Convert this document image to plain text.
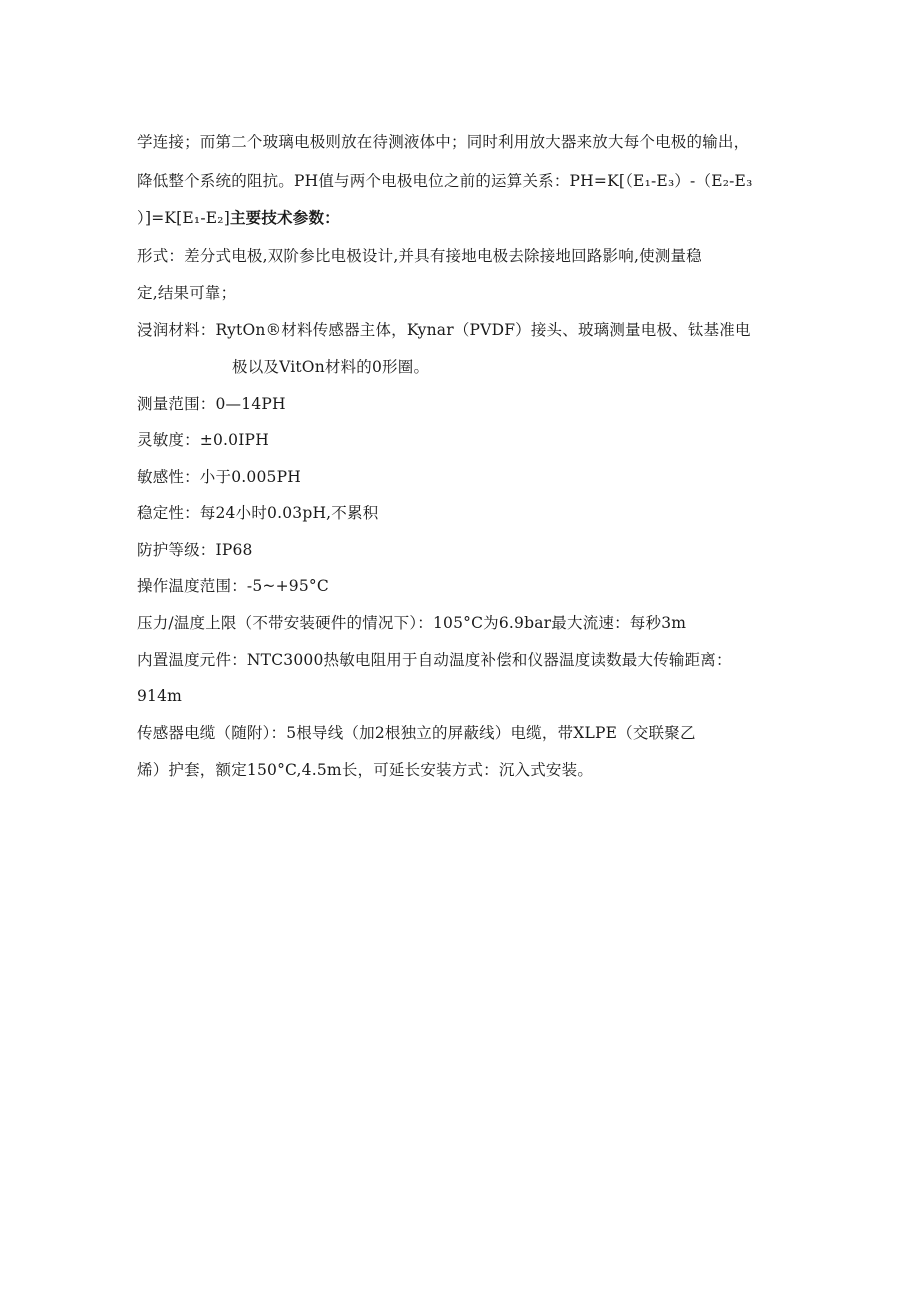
学连接；而第二个玻璃电极则放在待测液体中；同时利用放大器来放大每个电极的输出，

降低整个系统的阻抗。PH值与两个电极电位之前的运算关系：PH=K[（E₁-E₃）-（E₂-E₃

）]=K[E₁-E₂]主要技术参数：

形式：差分式电极,双阶参比电极设计,并具有接地电极去除接地回路影响,使测量稳

定,结果可靠；

浸润材料：RytOn®材料传感器主体，Kynar（PVDF）接头、玻璃测量电极、钛基准电

极以及VitOn材料的0形圈。

测量范围：0—14PH

灵敏度：±0.0IPH

敏感性：小于0.005PH

稳定性：每24小时0.03pH,不累积

防护等级：IP68

操作温度范围：-5~+95°C

压力/温度上限（不带安装硬件的情况下）：105°C为6.9bar最大流速：每秒3m

内置温度元件：NTC3000热敏电阻用于自动温度补偿和仪器温度读数最大传输距离：

914m

传感器电缆（随附）：5根导线（加2根独立的屏蔽线）电缆，带XLPE（交联聚乙

烯）护套，额定150°C,4.5m长，可延长安装方式：沉入式安装。
